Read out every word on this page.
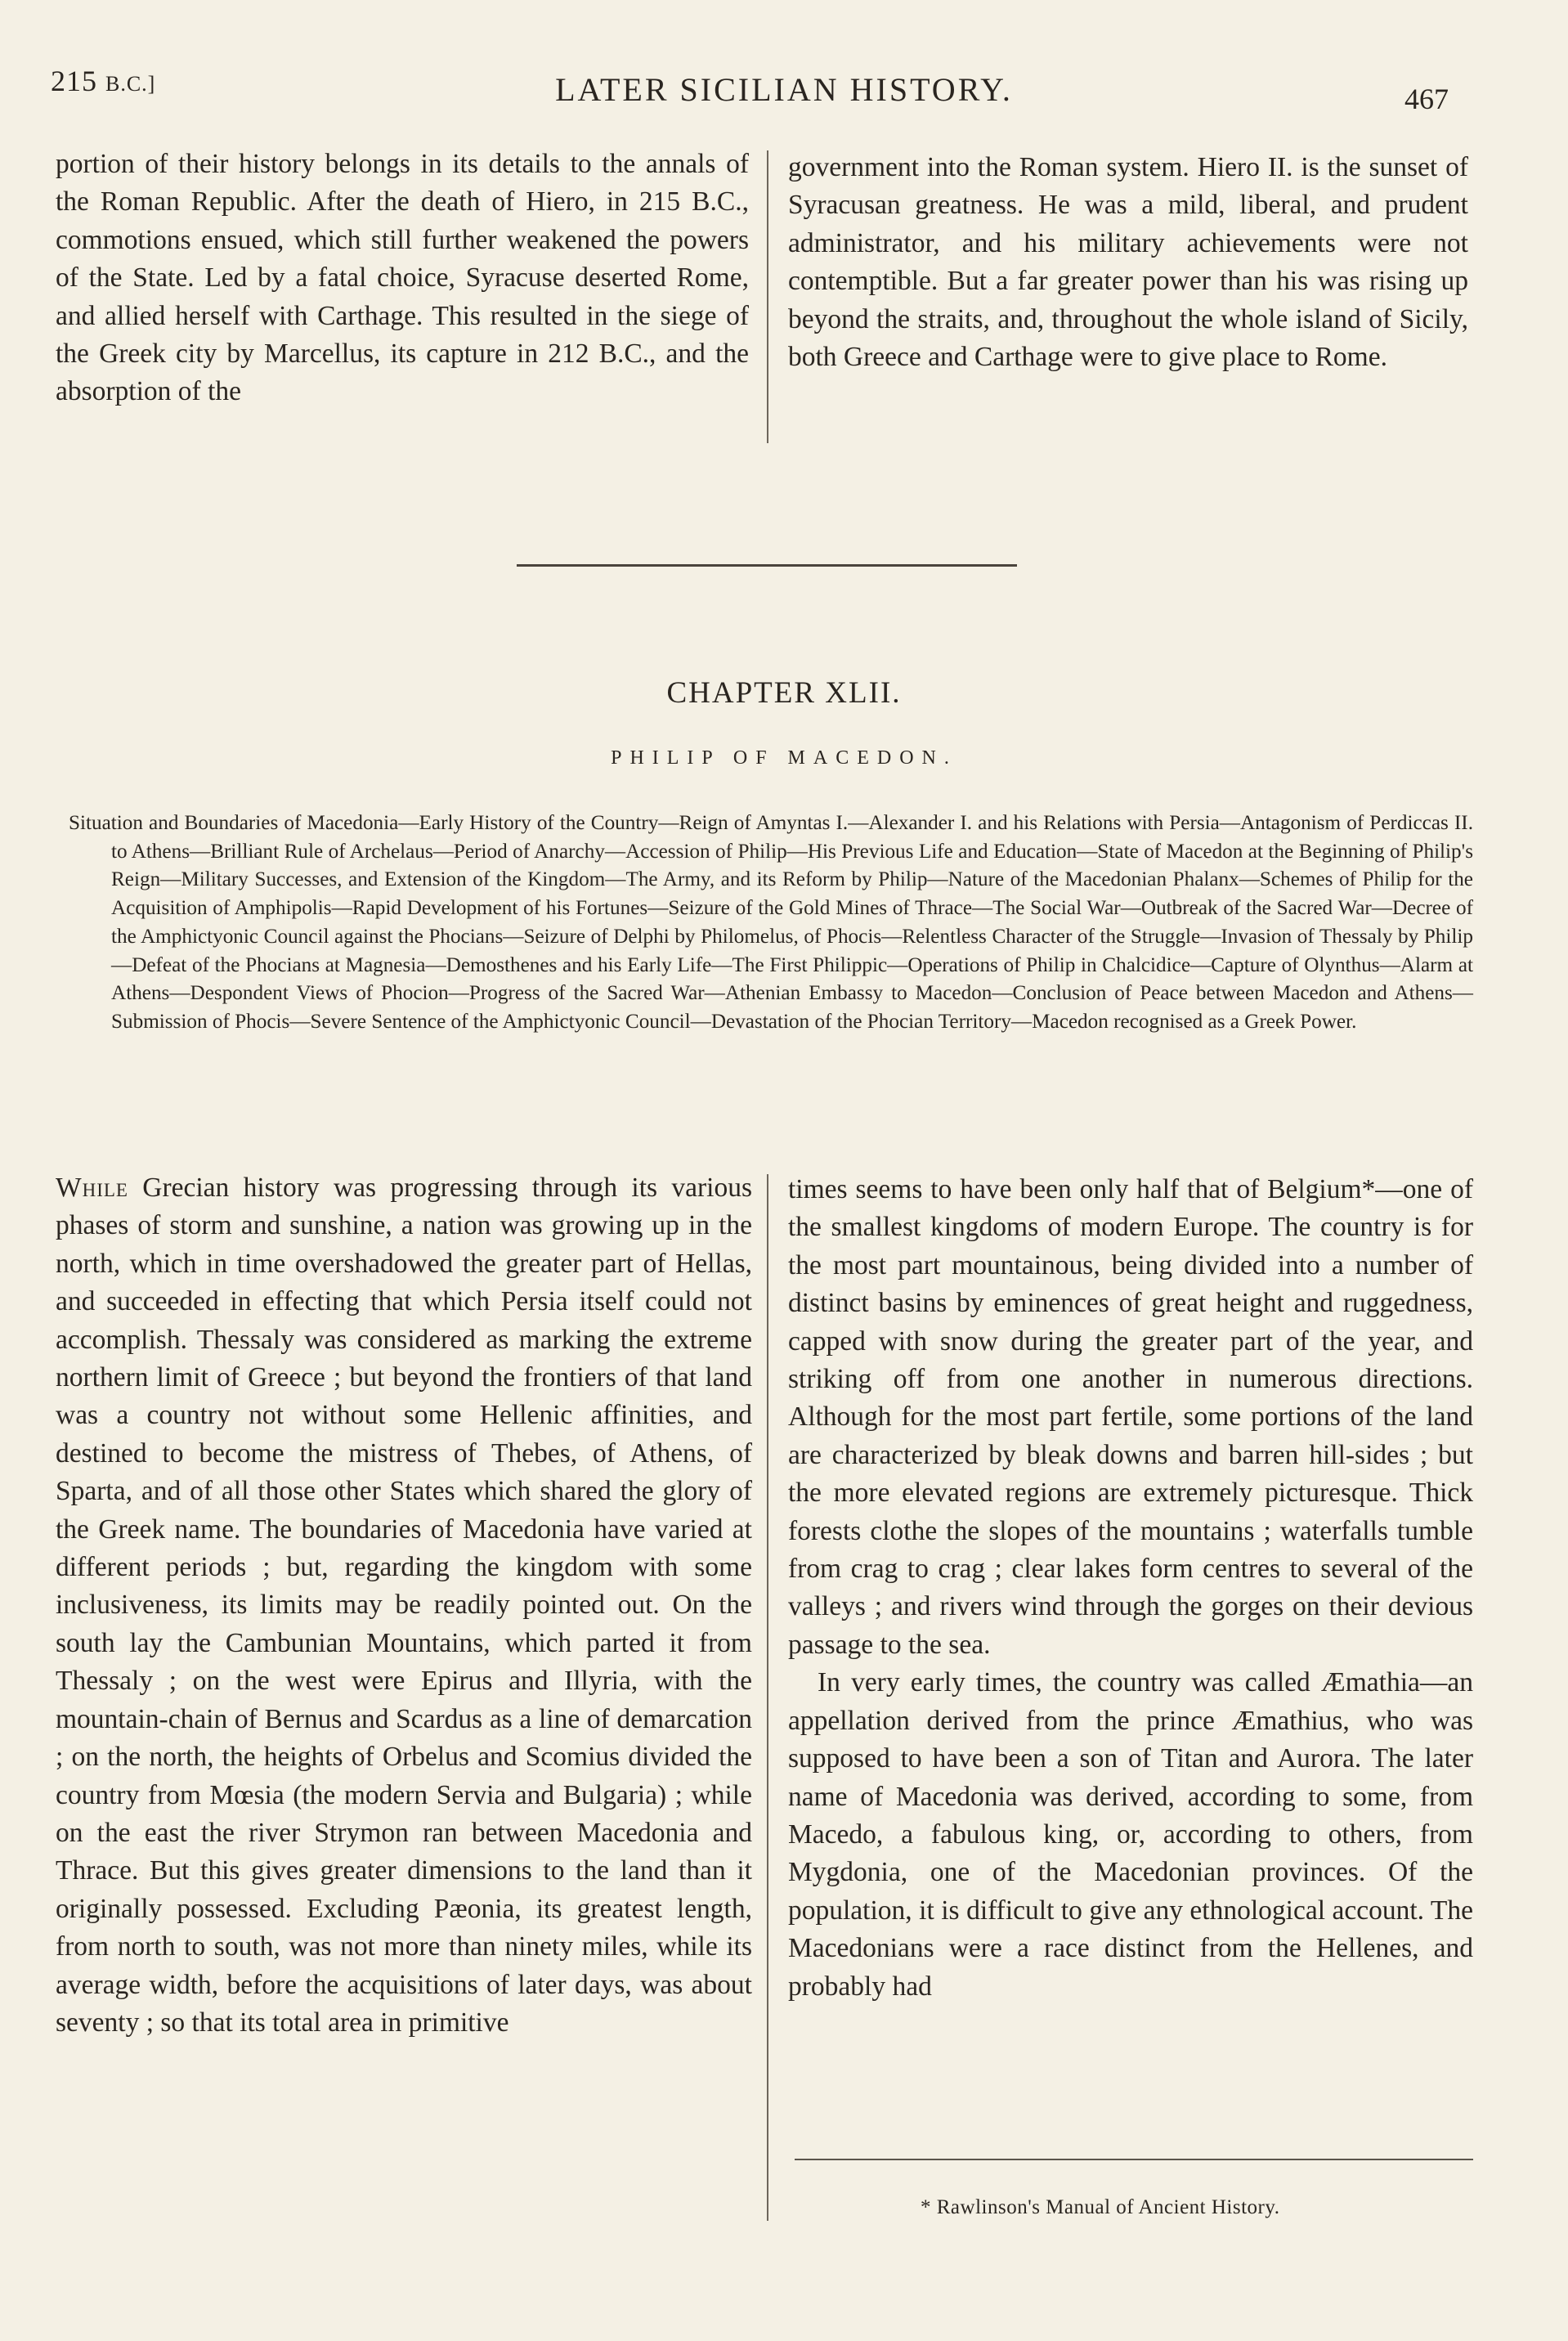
215 B.C.]	LATER SICILIAN HISTORY.	467

portion of their history belongs in its details to the annals of the Roman Republic. After the death of Hiero, in 215 B.C., commotions ensued, which still further weakened the powers of the State. Led by a fatal choice, Syracuse deserted Rome, and allied herself with Carthage. This resulted in the siege of the Greek city by Marcellus, its capture in 212 B.C., and the absorption of the

government into the Roman system. Hiero II. is the sunset of Syracusan greatness. He was a mild, liberal, and prudent administrator, and his military achievements were not contemptible. But a far greater power than his was rising up beyond the straits, and, throughout the whole island of Sicily, both Greece and Carthage were to give place to Rome.

CHAPTER XLII.
PHILIP OF MACEDON.
Situation and Boundaries of Macedonia—Early History of the Country—Reign of Amyntas I.—Alexander I. and his Relations with Persia—Antagonism of Perdiccas II. to Athens—Brilliant Rule of Archelaus—Period of Anarchy—Accession of Philip—His Previous Life and Education—State of Macedon at the Beginning of Philip's Reign—Military Successes, and Extension of the Kingdom—The Army, and its Reform by Philip—Nature of the Macedonian Phalanx—Schemes of Philip for the Acquisition of Amphipolis—Rapid Development of his Fortunes—Seizure of the Gold Mines of Thrace—The Social War—Outbreak of the Sacred War—Decree of the Amphictyonic Council against the Phocians—Seizure of Delphi by Philomelus, of Phocis—Relentless Character of the Struggle—Invasion of Thessaly by Philip—Defeat of the Phocians at Magnesia—Demosthenes and his Early Life—The First Philippic—Operations of Philip in Chalcidice—Capture of Olynthus—Alarm at Athens—Despondent Views of Phocion—Progress of the Sacred War—Athenian Embassy to Macedon—Conclusion of Peace between Macedon and Athens—Submission of Phocis—Severe Sentence of the Amphictyonic Council—Devastation of the Phocian Territory—Macedon recognised as a Greek Power.

While Grecian history was progressing through its various phases of storm and sunshine, a nation was growing up in the north, which in time overshadowed the greater part of Hellas, and succeeded in effecting that which Persia itself could not accomplish. Thessaly was considered as marking the extreme northern limit of Greece ; but beyond the frontiers of that land was a country not without some Hellenic affinities, and destined to become the mistress of Thebes, of Athens, of Sparta, and of all those other States which shared the glory of the Greek name. The boundaries of Macedonia have varied at different periods ; but, regarding the kingdom with some inclusiveness, its limits may be readily pointed out. On the south lay the Cambunian Mountains, which parted it from Thessaly ; on the west were Epirus and Illyria, with the mountain-chain of Bernus and Scardus as a line of demarcation ; on the north, the heights of Orbelus and Scomius divided the country from Mœsia (the modern Servia and Bulgaria) ; while on the east the river Strymon ran between Macedonia and Thrace. But this gives greater dimensions to the land than it originally possessed. Excluding Pæonia, its greatest length, from north to south, was not more than ninety miles, while its average width, before the acquisitions of later days, was about seventy ; so that its total area in primitive

times seems to have been only half that of Belgium*—one of the smallest kingdoms of modern Europe. The country is for the most part mountainous, being divided into a number of distinct basins by eminences of great height and ruggedness, capped with snow during the greater part of the year, and striking off from one another in numerous directions. Although for the most part fertile, some portions of the land are characterized by bleak downs and barren hill-sides ; but the more elevated regions are extremely picturesque. Thick forests clothe the slopes of the mountains ; waterfalls tumble from crag to crag ; clear lakes form centres to several of the valleys ; and rivers wind through the gorges on their devious passage to the sea.

In very early times, the country was called Æmathia—an appellation derived from the prince Æmathius, who was supposed to have been a son of Titan and Aurora. The later name of Macedonia was derived, according to some, from Macedo, a fabulous king, or, according to others, from Mygdonia, one of the Macedonian provinces. Of the population, it is difficult to give any ethnological account. The Macedonians were a race distinct from the Hellenes, and probably had

* Rawlinson's Manual of Ancient History.
